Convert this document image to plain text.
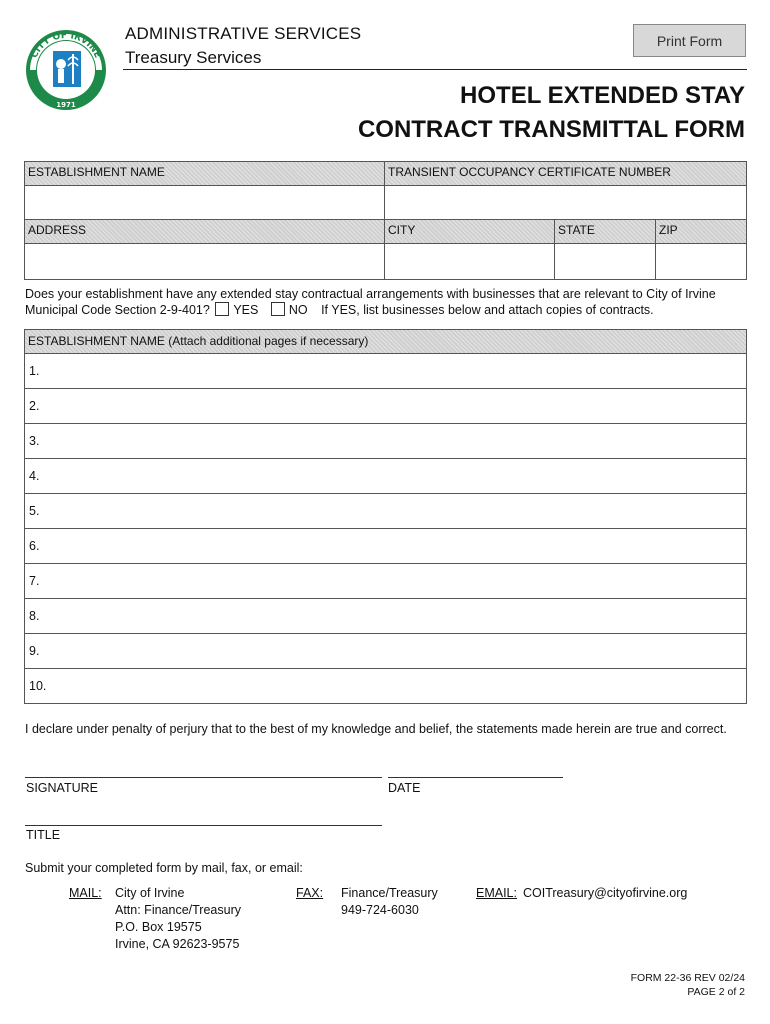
CITY OF IRVINE
1971
ADMINISTRATIVE SERVICES
Treasury Services
Print Form
HOTEL EXTENDED STAY
CONTRACT TRANSMITTAL FORM
ESTABLISHMENT NAME	TRANSIENT OCCUPANCY CERTIFICATE NUMBER
ADDRESS	CITY	STATE	ZIP
Does your establishment have any extended stay contractual arrangements with businesses that are relevant to City of Irvine
Municipal Code Section 2-9-401? YES NO If YES, list businesses below and attach copies of contracts.
ESTABLISHMENT NAME (Attach additional pages if necessary)
1.
2.
3.
4.
5.
6.
7.
8.
9.
10.
I declare under penalty of perjury that to the best of my knowledge and belief, the statements made herein are true and correct.
SIGNATURE	DATE
TITLE
Submit your completed form by mail, fax, or email:
MAIL: City of Irvine
Attn: Finance/Treasury
P.O. Box 19575
Irvine, CA 92623-9575
FAX: Finance/Treasury
949-724-6030
EMAIL: COITreasury@cityofirvine.org
FORM 22-36 REV 02/24
PAGE 2 of 2
